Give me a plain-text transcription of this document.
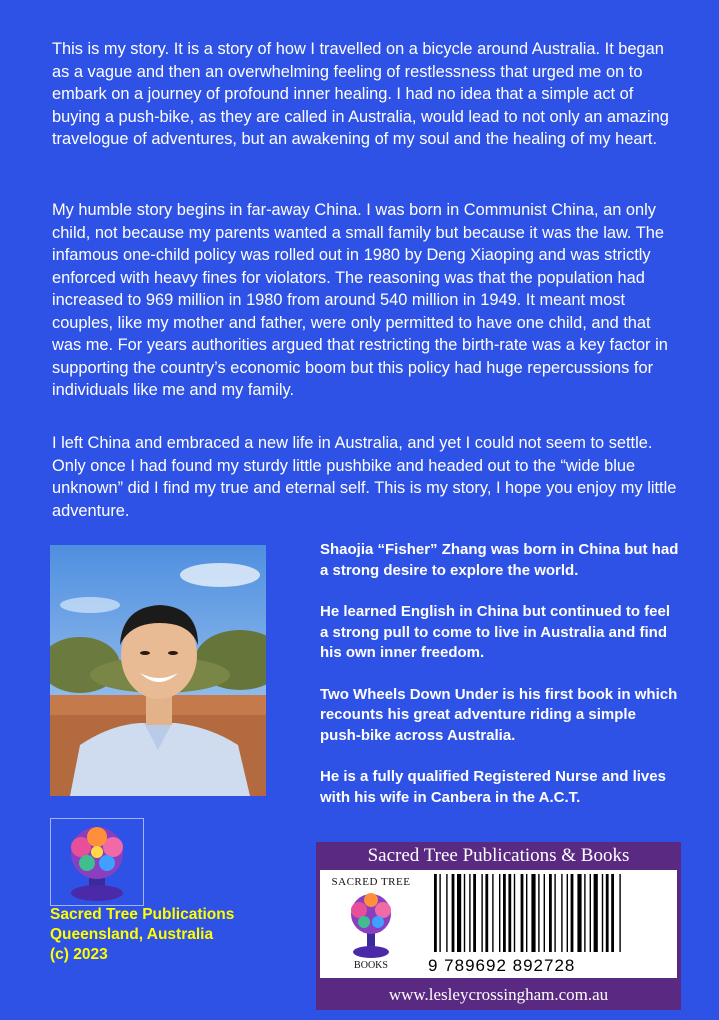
This is my story. It is a story of how I travelled on a bicycle around Australia. It began as a vague and then an overwhelming feeling of restlessness that urged me on to embark on a journey of profound inner healing. I had no idea that a simple act of buying a push-bike, as they are called in Australia, would lead to not only an amazing travelogue of adventures, but an awakening of my soul and the healing of my heart.

My humble story begins in far-away China. I was born in Communist China, an only child, not because my parents wanted a small family but because it was the law. The infamous one-child policy was rolled out in 1980 by Deng Xiaoping and was strictly enforced with heavy fines for violators. The reasoning was that the population had increased to 969 million in 1980 from around 540 million in 1949. It meant most couples, like my mother and father, were only permitted to have one child, and that was me. For years authorities argued that restricting the birth-rate was a key factor in supporting the country’s economic boom but this policy had huge repercussions for individuals like me and my family.

I left China and embraced a new life in Australia, and yet I could not seem to settle. Only once I had found my sturdy little pushbike and headed out to the “wide blue unknown” did I find my true and eternal self. This is my story, I hope you enjoy my little adventure.

Shaojia “Fisher” Zhang was born in China but had a strong desire to explore the world.

He learned English in China but continued to feel a strong pull to come to live in Australia and find his own inner freedom.

Two Wheels Down Under is his first book in which recounts his great adventure riding a simple push-bike across Australia.

He is a fully qualified Registered Nurse and lives with his wife in Canbera in the A.C.T.

Sacred Tree Publications
Queensland, Australia
(c) 2023
Sacred Tree Publications & Books
SACRED TREE
BOOKS	9 789692 892728
www.lesleycrossingham.com.au
